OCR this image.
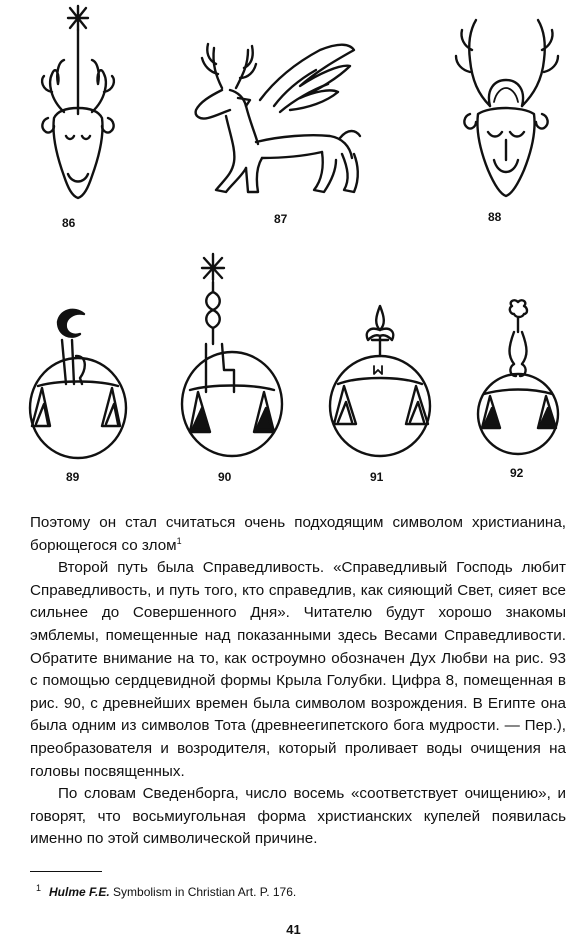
86	87	88
89	90	91	92

Поэтому он стал считаться очень подходящим символом христианина, борющегося со злом$^1$

Второй путь была Справедливость. «Справедливый Господь любит Справедливость, и путь того, кто справедлив, как сияющий Свет, сияет все сильнее до Совершенного Дня». Читателю будут хорошо знакомы эмблемы, помещенные над показанными здесь Весами Справедливости. Обратите внимание на то, как остроумно обозначен Дух Любви на рис. 93 с помощью сердцевидной формы Крыла Голубки. Цифра 8, помещенная в рис. 90, с древнейших времен была символом возрождения. В Египте она была одним из символов Тота (древнеегипетского бога мудрости. — Пер.), преобразователя и возродителя, который проливает воды очищения на головы посвященных.

По словам Сведенборга, число восемь «соответствует очищению», и говорят, что восьмиугольная форма христианских купелей появилась именно по этой символической причине.

$^1$ Hulme F.E. Symbolism in Christian Art. P. 176.
41
